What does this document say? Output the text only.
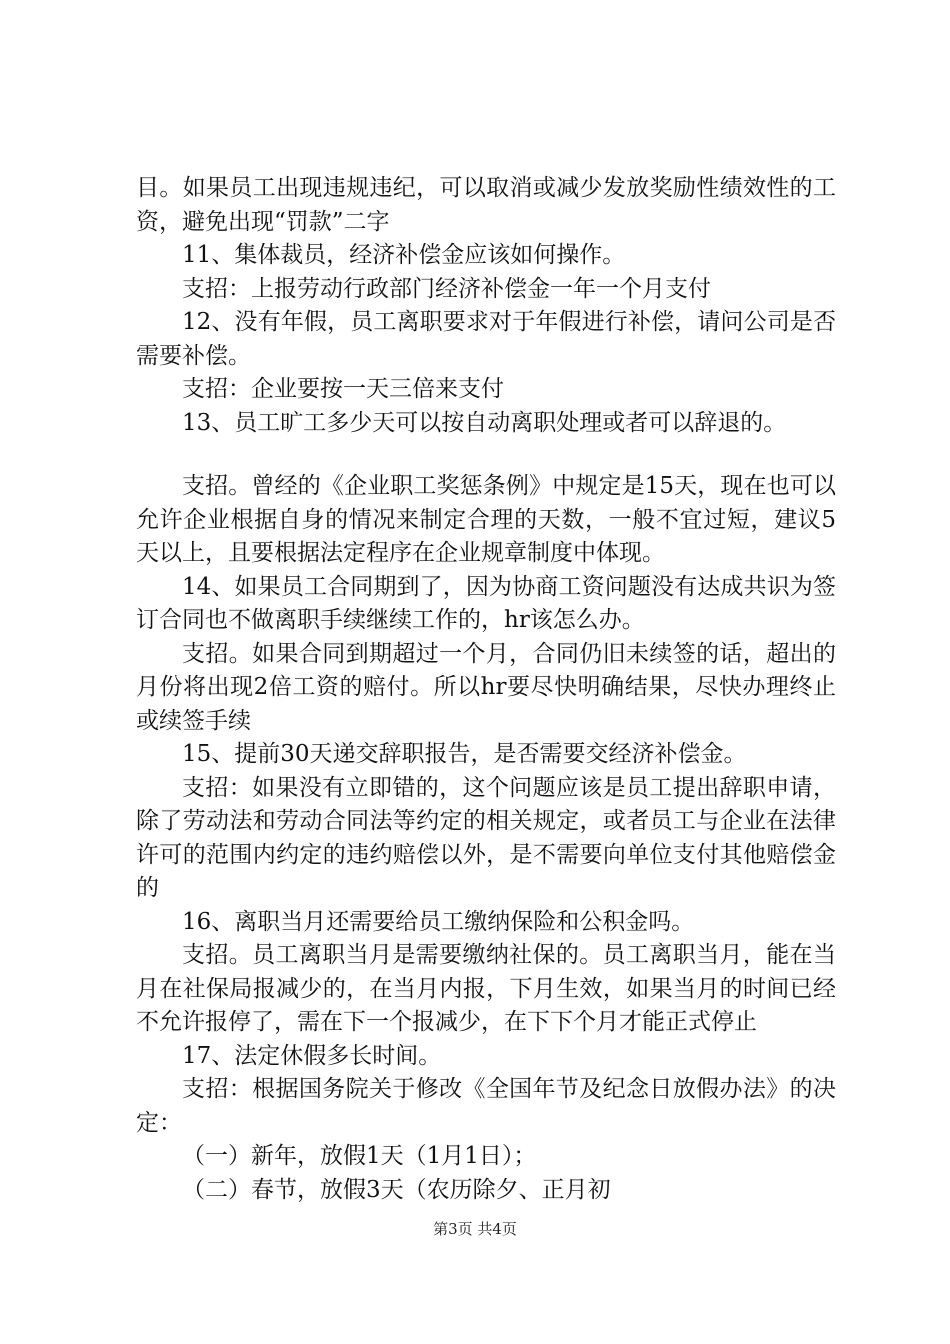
目。如果员工出现违规违纪，可以取消或减少发放奖励性绩效性的工资，避免出现“罚款”二字

11、集体裁员，经济补偿金应该如何操作。

支招：上报劳动行政部门经济补偿金一年一个月支付

12、没有年假，员工离职要求对于年假进行补偿，请问公司是否需要补偿。

支招：企业要按一天三倍来支付

13、员工旷工多少天可以按自动离职处理或者可以辞退的。

支招。曾经的《企业职工奖惩条例》中规定是15天，现在也可以允许企业根据自身的情况来制定合理的天数，一般不宜过短，建议5天以上，且要根据法定程序在企业规章制度中体现。

14、如果员工合同期到了，因为协商工资问题没有达成共识为签订合同也不做离职手续继续工作的，hr该怎么办。

支招。如果合同到期超过一个月，合同仍旧未续签的话，超出的月份将出现2倍工资的赔付。所以hr要尽快明确结果，尽快办理终止或续签手续

15、提前30天递交辞职报告，是否需要交经济补偿金。

支招：如果没有立即错的，这个问题应该是员工提出辞职申请，除了劳动法和劳动合同法等约定的相关规定，或者员工与企业在法律许可的范围内约定的违约赔偿以外，是不需要向单位支付其他赔偿金的

16、离职当月还需要给员工缴纳保险和公积金吗。

支招。员工离职当月是需要缴纳社保的。员工离职当月，能在当月在社保局报减少的，在当月内报，下月生效，如果当月的时间已经不允许报停了，需在下一个报减少，在下下个月才能正式停止

17、法定休假多长时间。

支招：根据国务院关于修改《全国年节及纪念日放假办法》的决定：

（一）新年，放假1天（1月1日）；

（二）春节，放假3天（农历除夕、正月初

第3页 共4页
